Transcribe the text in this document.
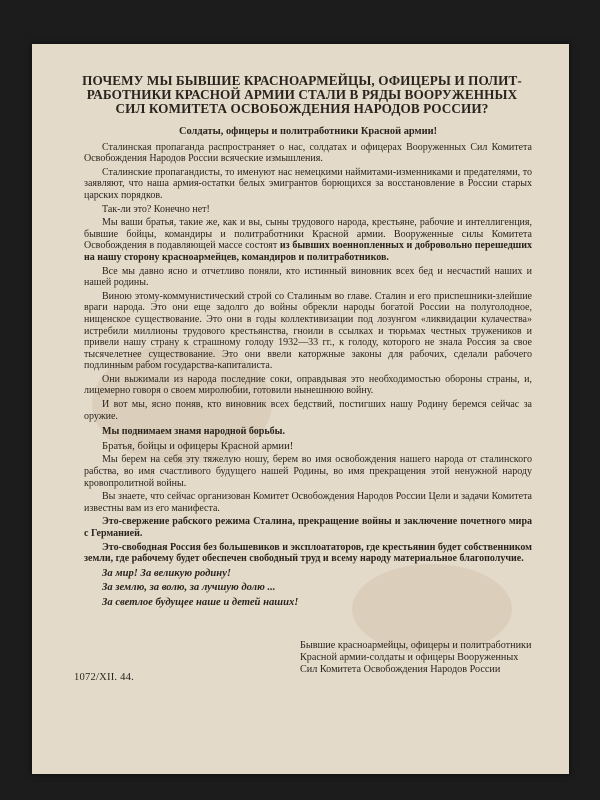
ПОЧЕМУ МЫ БЫВШИЕ КРАСНОАРМЕЙЦЫ, ОФИЦЕРЫ И ПОЛИТ-
РАБОТНИКИ КРАСНОЙ АРМИИ СТАЛИ В РЯДЫ ВООРУЖЕННЫХ
СИЛ КОМИТЕТА ОСВОБОЖДЕНИЯ НАРОДОВ РОССИИ?
Солдаты, офицеры и политработники Красной армии!

Сталинская пропаганда распространяет о нас, солдатах и офицерах Вооруженных Сил Комитета Освобождения Народов России всяческие измышления.

Сталинские пропагандисты, то именуют нас немецкими наймитами-изменниками и предателями, то заявляют, что наша армия-остатки белых эмигрантов борющихся за восстановление в России старых царских порядков.

Так-ли это? Конечно нет!

Мы ваши братья, такие же, как и вы, сыны трудового народа, крестьяне, рабочие и интеллигенция, бывшие бойцы, командиры и политработники Красной армии. Вооруженные силы Комитета Освобождения в подавляющей массе состоят из бывших военнопленных и добровольно перешедших на нашу сторону красноармейцев, командиров и политработников.

Все мы давно ясно и отчетливо поняли, кто истинный виновник всех бед и несчастий наших и нашей родины.

Виною этому-коммунистический строй со Сталиным во главе. Сталин и его приспешники-злейшие враги народа. Это они еще задолго до войны обрекли народы богатой России на полуголодное, нищенское существование. Это они в годы коллективизации под лозунгом «ликвидации кулачества» истребили миллионы трудового крестьянства, гноили в ссылках и тюрьмах честных тружеников и привели нашу страну к страшному голоду 1932—33 гг., к голоду, которого не знала Россия за свое тысячелетнее существование. Это они ввели каторжные законы для рабочих, сделали рабочего подлинным рабом государства-капиталиста.

Они выжимали из народа последние соки, оправдывая это необходимостью обороны страны, и, лицемерно говоря о своем миролюбии, готовили нынешнюю войну.

И вот мы, ясно поняв, кто виновник всех бедствий, постигших нашу Родину беремся сейчас за оружие.

Мы поднимаем знамя народной борьбы.

Братья, бойцы и офицеры Красной армии!

Мы берем на себя эту тяжелую ношу, берем во имя освобождения нашего народа от сталинского рабства, во имя счастливого будущего нашей Родины, во имя прекращения этой ненужной народу кровопролитной войны.

Вы знаете, что сейчас организован Комитет Освобождения Народов России Цели и задачи Комитета известны вам из его манифеста.

Это-свержение рабского режима Сталина, прекращение войны и заключение почетного мира с Германией.

Это-свободная Россия без большевиков и эксплоататоров, где крестьянин будет собственником земли, где рабочему будет обеспечен свободный труд и всему народу материальное благополучие.

За мир! За великую родину!

За землю, за волю, за лучшую долю ...

За светлое будущее наше и детей наших!

Бывшие красноармейцы, офицеры и политработники
Красной армии-солдаты и офицеры Вооруженных
Сил Комитета Освобождения Народов России
1072/XII. 44.
